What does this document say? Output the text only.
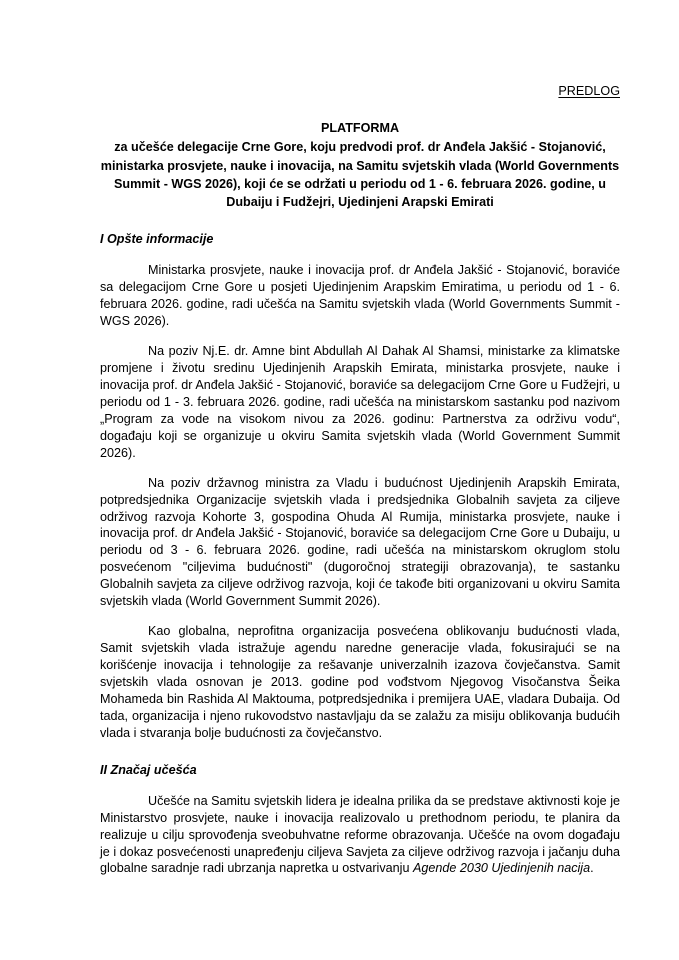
PREDLOG
PLATFORMA
za učešće delegacije Crne Gore, koju predvodi prof. dr Anđela Jakšić - Stojanović, ministarka prosvjete, nauke i inovacija, na Samitu svjetskih vlada (World Governments Summit - WGS 2026), koji će se održati u periodu od 1 - 6. februara 2026. godine, u Dubaiju i Fudžejri, Ujedinjeni Arapski Emirati
I Opšte informacije

Ministarka prosvjete, nauke i inovacija prof. dr Anđela Jakšić - Stojanović, boraviće sa delegacijom Crne Gore u posjeti Ujedinjenim Arapskim Emiratima, u periodu od 1 - 6. februara 2026. godine, radi učešća na Samitu svjetskih vlada (World Governments Summit - WGS 2026).

Na poziv Nj.E. dr. Amne bint Abdullah Al Dahak Al Shamsi, ministarke za klimatske promjene i životu sredinu Ujedinjenih Arapskih Emirata, ministarka prosvjete, nauke i inovacija prof. dr Anđela Jakšić - Stojanović, boraviće sa delegacijom Crne Gore u Fudžejri, u periodu od 1 - 3. februara 2026. godine, radi učešća na ministarskom sastanku pod nazivom „Program za vode na visokom nivou za 2026. godinu: Partnerstva za održivu vodu“, događaju koji se organizuje u okviru Samita svjetskih vlada (World Government Summit 2026).

Na poziv državnog ministra za Vladu i budućnost Ujedinjenih Arapskih Emirata, potpredsjednika Organizacije svjetskih vlada i predsjednika Globalnih savjeta za ciljeve održivog razvoja Kohorte 3, gospodina Ohuda Al Rumija, ministarka prosvjete, nauke i inovacija prof. dr Anđela Jakšić - Stojanović, boraviće sa delegacijom Crne Gore u Dubaiju, u periodu od 3 - 6. februara 2026. godine, radi učešća na ministarskom okruglom stolu posvećenom "ciljevima budućnosti" (dugoročnoj strategiji obrazovanja), te sastanku Globalnih savjeta za ciljeve održivog razvoja, koji će takođe biti organizovani u okviru Samita svjetskih vlada (World Government Summit 2026).

Kao globalna, neprofitna organizacija posvećena oblikovanju budućnosti vlada, Samit svjetskih vlada istražuje agendu naredne generacije vlada, fokusirajući se na korišćenje inovacija i tehnologije za rešavanje univerzalnih izazova čovječanstva. Samit svjetskih vlada osnovan je 2013. godine pod vođstvom Njegovog Visočanstva Šeika Mohameda bin Rashida Al Maktouma, potpredsjednika i premijera UAE, vladara Dubaija. Od tada, organizacija i njeno rukovodstvo nastavljaju da se zalažu za misiju oblikovanja budućih vlada i stvaranja bolje budućnosti za čovječanstvo.

II Značaj učešća

Učešće na Samitu svjetskih lidera je idealna prilika da se predstave aktivnosti koje je Ministarstvo prosvjete, nauke i inovacija realizovalo u prethodnom periodu, te planira da realizuje u cilju sprovođenja sveobuhvatne reforme obrazovanja. Učešće na ovom događaju je i dokaz posvećenosti unapređenju ciljeva Savjeta za ciljeve održivog razvoja i jačanju duha globalne saradnje radi ubrzanja napretka u ostvarivanju Agende 2030 Ujedinjenih nacija.
